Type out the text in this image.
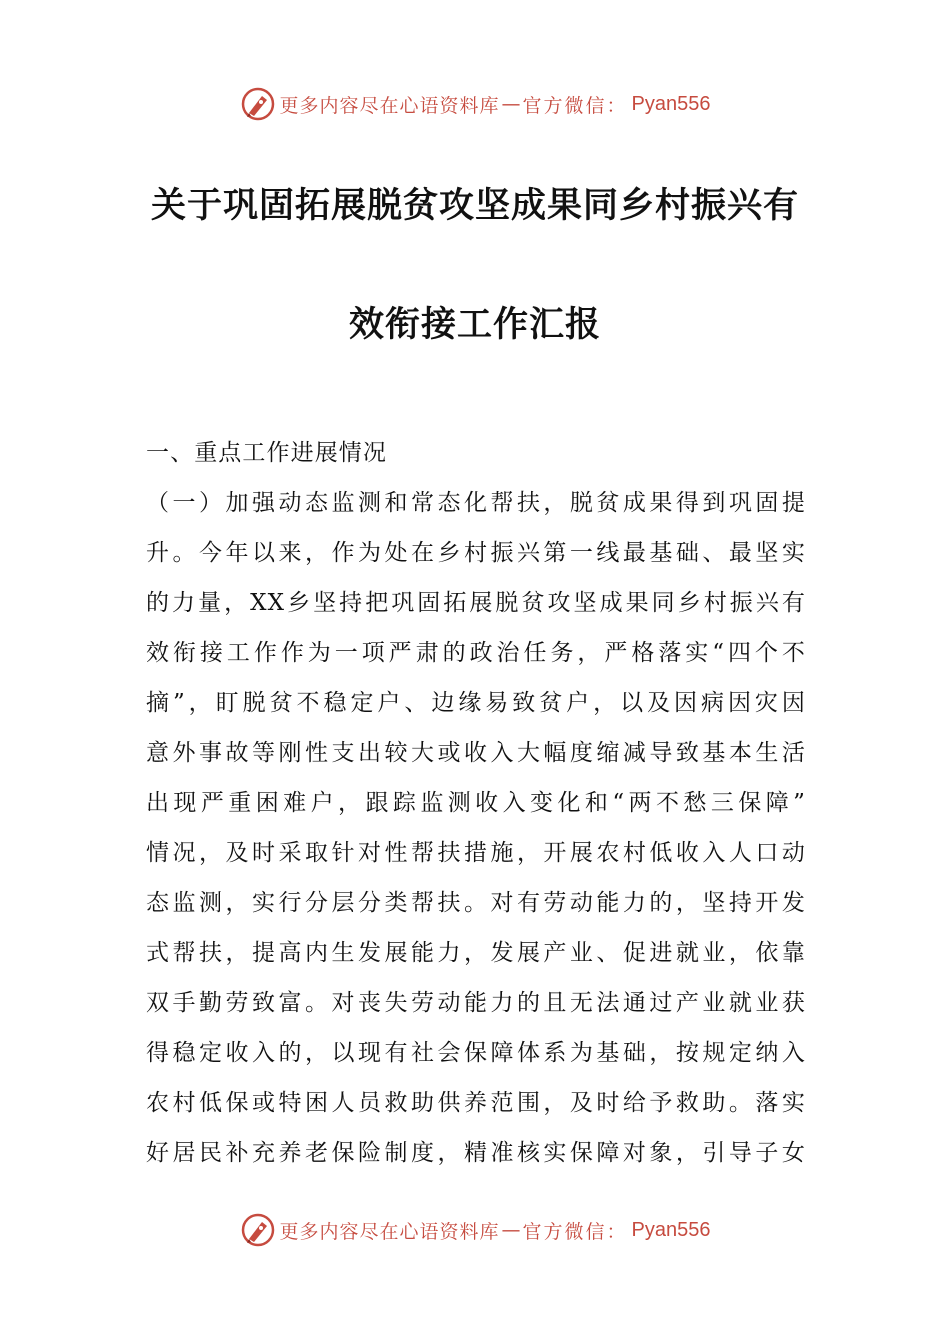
更多内容尽在心语资料库 — 官方微信： Pyan556
关于巩固拓展脱贫攻坚成果同乡村振兴有
效衔接工作汇报
一、重点工作进展情况
（一）加强动态监测和常态化帮扶，脱贫成果得到巩固提
升。今年以来，作为处在乡村振兴第一线最基础、最坚实
的力量，XX乡坚持把巩固拓展脱贫攻坚成果同乡村振兴有
效衔接工作作为一项严肃的政治任务，严格落实“四个不
摘”，盯脱贫不稳定户、边缘易致贫户，以及因病因灾因
意外事故等刚性支出较大或收入大幅度缩减导致基本生活
出现严重困难户，跟踪监测收入变化和“两不愁三保障”
情况，及时采取针对性帮扶措施，开展农村低收入人口动
态监测，实行分层分类帮扶。对有劳动能力的，坚持开发
式帮扶，提高内生发展能力，发展产业、促进就业，依靠
双手勤劳致富。对丧失劳动能力的且无法通过产业就业获
得稳定收入的，以现有社会保障体系为基础，按规定纳入
农村低保或特困人员救助供养范围，及时给予救助。落实
好居民补充养老保险制度，精准核实保障对象，引导子女
更多内容尽在心语资料库 — 官方微信： Pyan556
